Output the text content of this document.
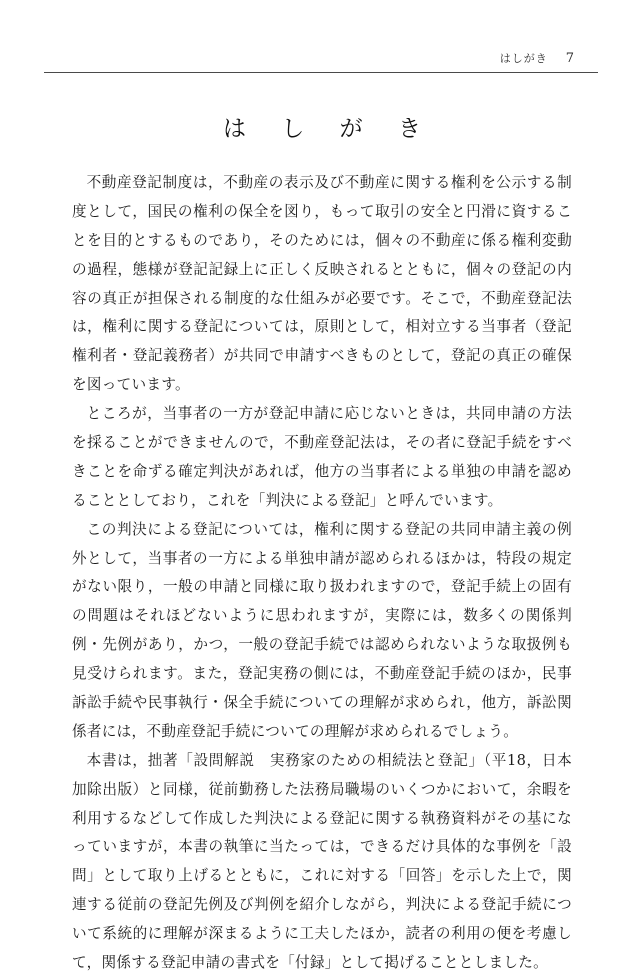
はしがき 7
は し が き

不動産登記制度は，不動産の表示及び不動産に関する権利を公示する制度として，国民の権利の保全を図り，もって取引の安全と円滑に資することを目的とするものであり，そのためには，個々の不動産に係る権利変動の過程，態様が登記記録上に正しく反映されるとともに，個々の登記の内容の真正が担保される制度的な仕組みが必要です。そこで，不動産登記法は，権利に関する登記については，原則として，相対立する当事者（登記権利者・登記義務者）が共同で申請すべきものとして，登記の真正の確保を図っています。

ところが，当事者の一方が登記申請に応じないときは，共同申請の方法を採ることができませんので，不動産登記法は，その者に登記手続をすべきことを命ずる確定判決があれば，他方の当事者による単独の申請を認めることとしており，これを「判決による登記」と呼んでいます。

この判決による登記については，権利に関する登記の共同申請主義の例外として，当事者の一方による単独申請が認められるほかは，特段の規定がない限り，一般の申請と同様に取り扱われますので，登記手続上の固有の問題はそれほどないように思われますが，実際には，数多くの関係判例・先例があり，かつ，一般の登記手続では認められないような取扱例も見受けられます。また，登記実務の側には，不動産登記手続のほか，民事訴訟手続や民事執行・保全手続についての理解が求められ，他方，訴訟関係者には，不動産登記手続についての理解が求められるでしょう。

本書は，拙著「設問解説　実務家のための相続法と登記」（平18，日本加除出版）と同様，従前勤務した法務局職場のいくつかにおいて，余暇を利用するなどして作成した判決による登記に関する執務資料がその基になっていますが，本書の執筆に当たっては，できるだけ具体的な事例を「設問」として取り上げるとともに，これに対する「回答」を示した上で，関連する従前の登記先例及び判例を紹介しながら，判決による登記手続について系統的に理解が深まるように工夫したほか，読者の利用の便を考慮して，関係する登記申請の書式を「付録」として掲げることとしました。
